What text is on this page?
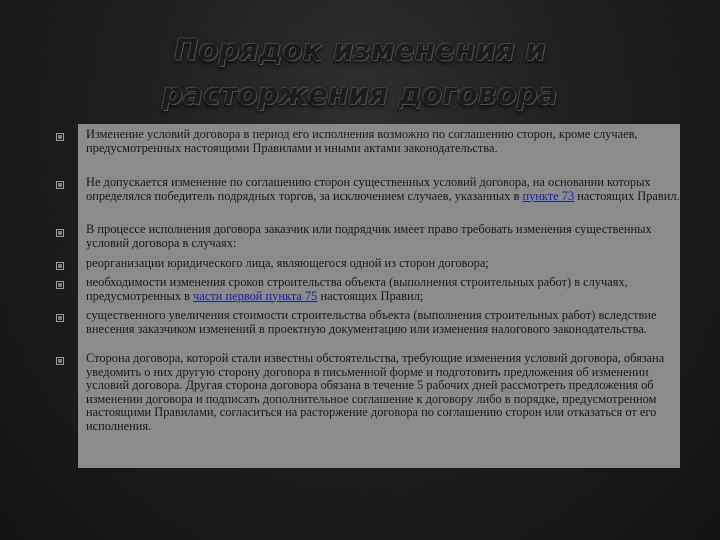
Порядок изменения и
расторжения договора
Изменение условий договора в период его исполнения возможно по соглашению сторон, кроме случаев, предусмотренных настоящими Правилами и иными актами законодательства.
Не допускается изменение по соглашению сторон существенных условий договора, на основании которых определялся победитель подрядных торгов, за исключением случаев, указанных в пункте 73 настоящих Правил.
В процессе исполнения договора заказчик или подрядчик имеет право требовать изменения существенных условий договора в случаях:
реорганизации юридического лица, являющегося одной из сторон договора;
необходимости изменения сроков строительства объекта (выполнения строительных работ) в случаях, предусмотренных в части первой пункта 75 настоящих Правил;
существенного увеличения стоимости строительства объекта (выполнения строительных работ) вследствие внесения заказчиком изменений в проектную документацию или изменения налогового законодательства.
Сторона договора, которой стали известны обстоятельства, требующие изменения условий договора, обязана уведомить о них другую сторону договора в письменной форме и подготовить предложения об изменении условий договора. Другая сторона договора обязана в течение 5 рабочих дней рассмотреть предложения об изменении договора и подписать дополнительное соглашение к договору либо в порядке, предусмотренном настоящими Правилами, согласиться на расторжение договора по соглашению сторон или отказаться от его исполнения.
